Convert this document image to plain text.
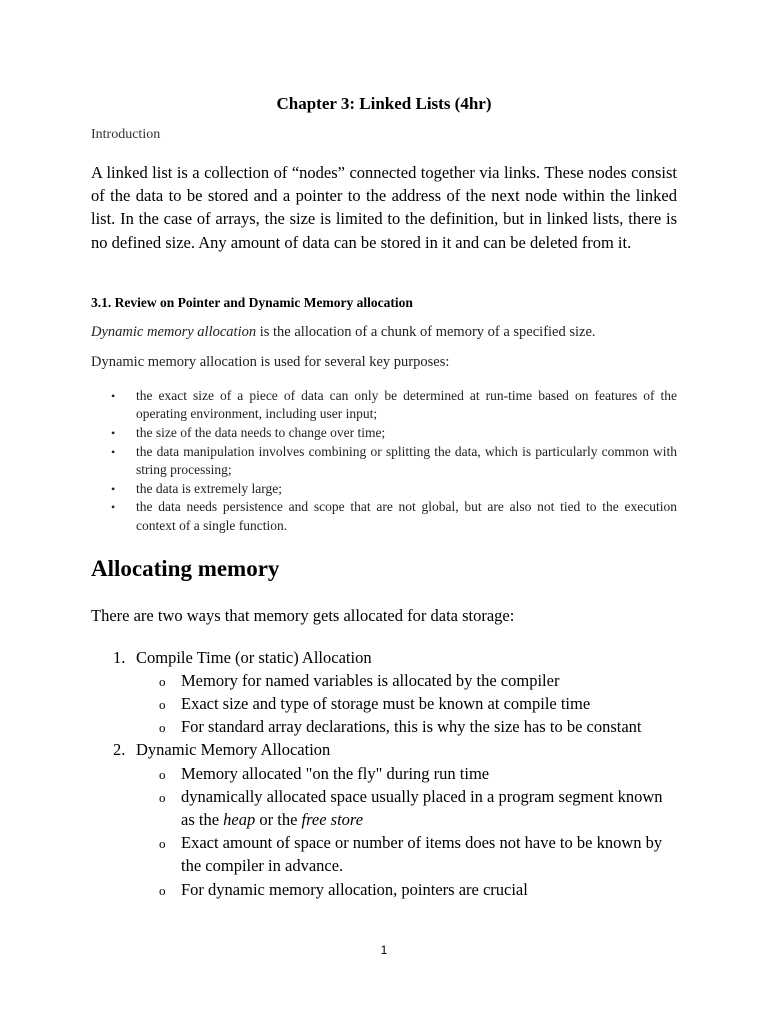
Chapter 3: Linked Lists (4hr)

Introduction

A linked list is a collection of “nodes” connected together via links. These nodes consist of the data to be stored and a pointer to the address of the next node within the linked list. In the case of arrays, the size is limited to the definition, but in linked lists, there is no defined size. Any amount of data can be stored in it and can be deleted from it.

3.1. Review on Pointer and Dynamic Memory allocation

Dynamic memory allocation is the allocation of a chunk of memory of a specified size.

Dynamic memory allocation is used for several key purposes:

• the exact size of a piece of data can only be determined at run-time based on features of the operating environment, including user input;
• the size of the data needs to change over time;
• the data manipulation involves combining or splitting the data, which is particularly common with string processing;
• the data is extremely large;
• the data needs persistence and scope that are not global, but are also not tied to the execution context of a single function.
Allocating memory

There are two ways that memory gets allocated for data storage:

1. Compile Time (or static) Allocation
o Memory for named variables is allocated by the compiler
o Exact size and type of storage must be known at compile time
o For standard array declarations, this is why the size has to be constant
2. Dynamic Memory Allocation
o Memory allocated "on the fly" during run time
o dynamically allocated space usually placed in a program segment known as the heap or the free store
o Exact amount of space or number of items does not have to be known by the compiler in advance.
o For dynamic memory allocation, pointers are crucial
1
